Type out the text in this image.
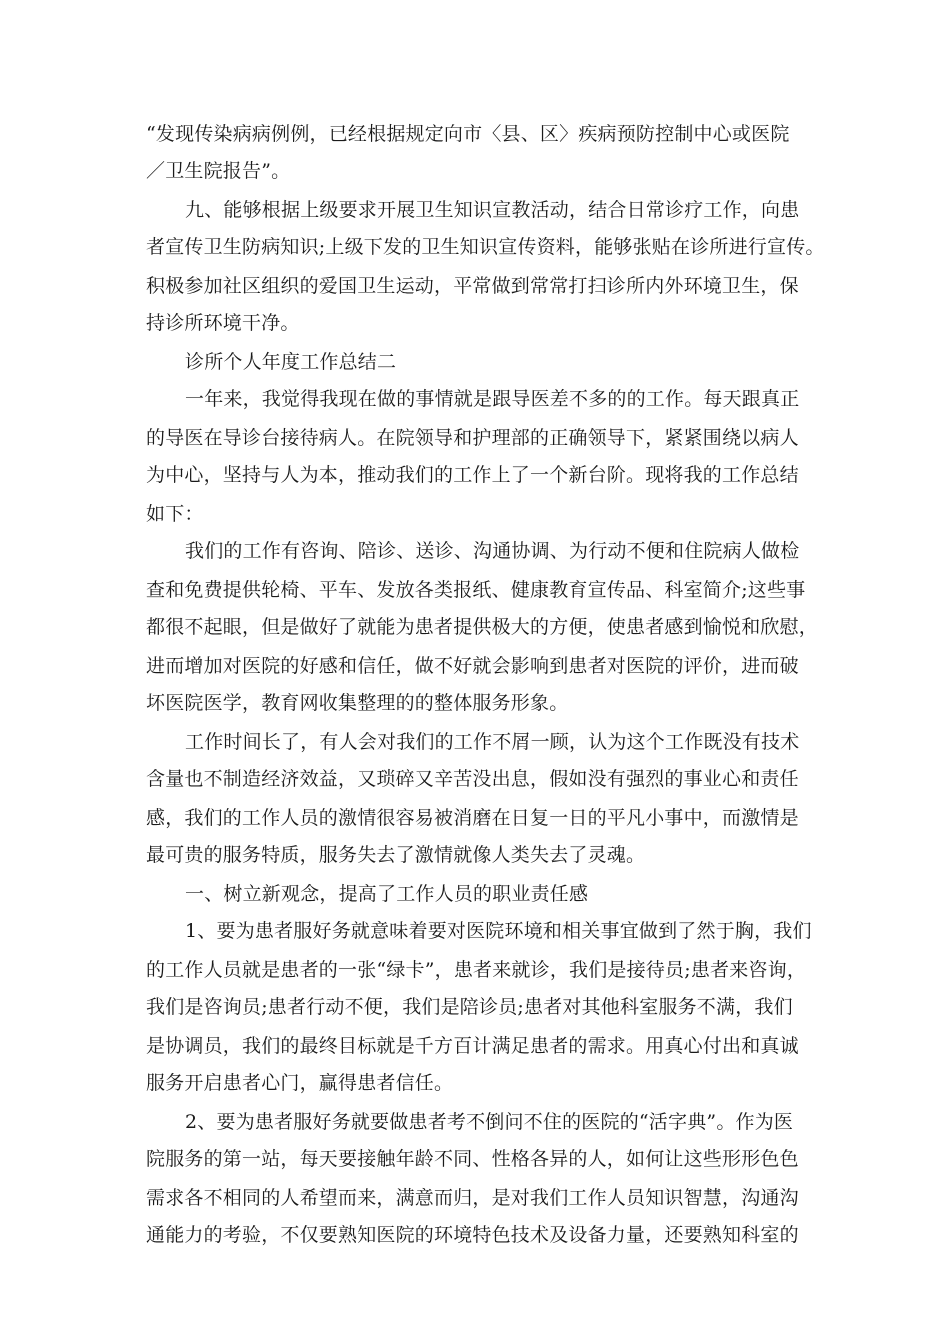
“发现传染病病例例，已经根据规定向市〈县、区〉疾病预防控制中心或医院
／卫生院报告”。
九、能够根据上级要求开展卫生知识宣教活动，结合日常诊疗工作，向患
者宣传卫生防病知识;上级下发的卫生知识宣传资料，能够张贴在诊所进行宣传。
积极参加社区组织的爱国卫生运动，平常做到常常打扫诊所内外环境卫生，保
持诊所环境干净。
诊所个人年度工作总结二
一年来，我觉得我现在做的事情就是跟导医差不多的的工作。每天跟真正
的导医在导诊台接待病人。在院领导和护理部的正确领导下，紧紧围绕以病人
为中心，坚持与人为本，推动我们的工作上了一个新台阶。现将我的工作总结
如下：
我们的工作有咨询、陪诊、送诊、沟通协调、为行动不便和住院病人做检
查和免费提供轮椅、平车、发放各类报纸、健康教育宣传品、科室简介;这些事
都很不起眼，但是做好了就能为患者提供极大的方便，使患者感到愉悦和欣慰，
进而增加对医院的好感和信任，做不好就会影响到患者对医院的评价，进而破
坏医院医学，教育网收集整理的的整体服务形象。
工作时间长了，有人会对我们的工作不屑一顾，认为这个工作既没有技术
含量也不制造经济效益，又琐碎又辛苦没出息，假如没有强烈的事业心和责任
感，我们的工作人员的激情很容易被消磨在日复一日的平凡小事中，而激情是
最可贵的服务特质，服务失去了激情就像人类失去了灵魂。
一、树立新观念，提高了工作人员的职业责任感
1、要为患者服好务就意味着要对医院环境和相关事宜做到了然于胸，我们
的工作人员就是患者的一张“绿卡”，患者来就诊，我们是接待员;患者来咨询，
我们是咨询员;患者行动不便，我们是陪诊员;患者对其他科室服务不满，我们
是协调员，我们的最终目标就是千方百计满足患者的需求。用真心付出和真诚
服务开启患者心门，赢得患者信任。
2、要为患者服好务就要做患者考不倒问不住的医院的“活字典”。作为医
院服务的第一站，每天要接触年龄不同、性格各异的人，如何让这些形形色色
需求各不相同的人希望而来，满意而归，是对我们工作人员知识智慧，沟通沟
通能力的考验，不仅要熟知医院的环境特色技术及设备力量，还要熟知科室的
